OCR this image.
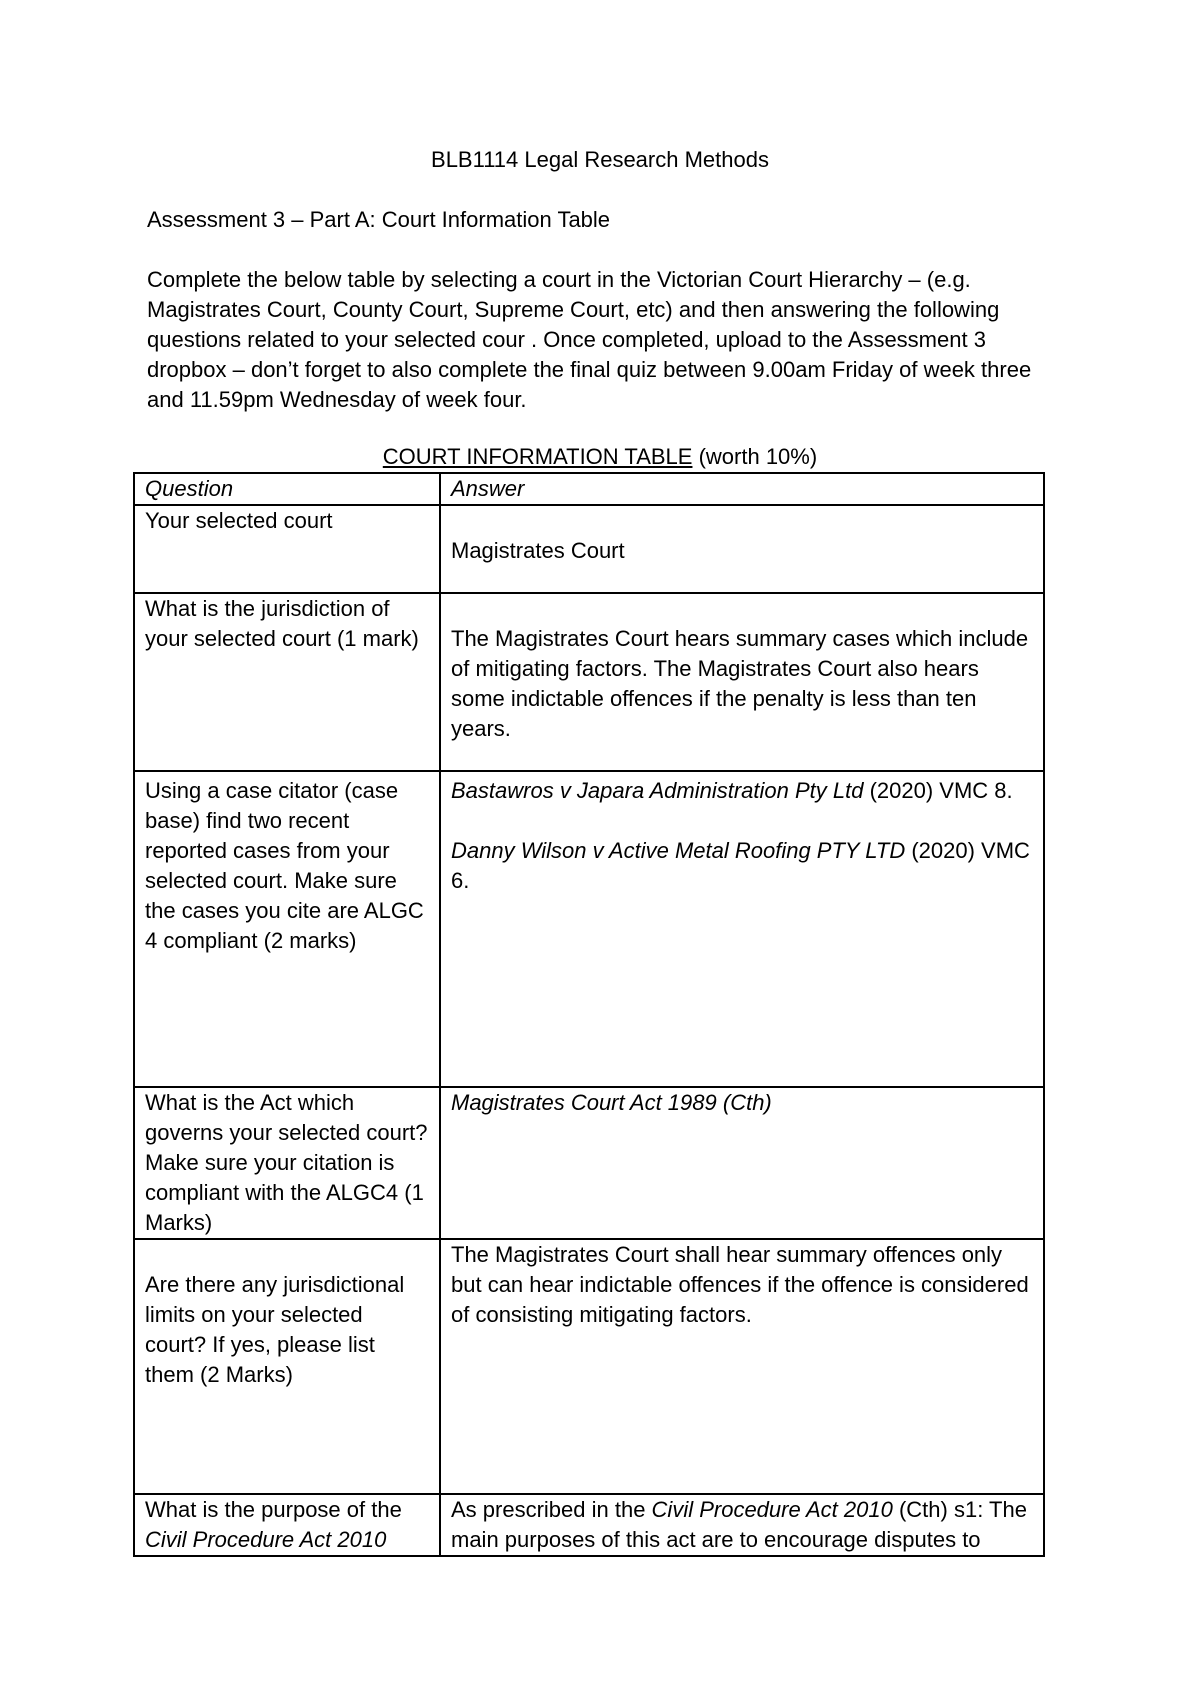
BLB1114 Legal Research Methods
Assessment 3 – Part A: Court Information Table
Complete the below table by selecting a court in the Victorian Court Hierarchy – (e.g. Magistrates Court, County Court, Supreme Court, etc) and then answering the following questions related to your selected cour . Once completed, upload to the Assessment 3 dropbox – don’t forget to also complete the final quiz between 9.00am Friday of week three and 11.59pm Wednesday of week four.
COURT INFORMATION TABLE (worth 10%)
Question	Answer
Your selected court	Magistrates Court

What is the jurisdiction of your selected court (1 mark)	The Magistrates Court hears summary cases which include of mitigating factors. The Magistrates Court also hears some indictable offences if the penalty is less than ten years.

Using a case citator (case base) find two recent reported cases from your selected court. Make sure the cases you cite are ALGC 4 compliant (2 marks)	Bastawros v Japara Administration Pty Ltd (2020) VMC 8.
Danny Wilson v Active Metal Roofing PTY LTD (2020) VMC 6.

What is the Act which governs your selected court? Make sure your citation is compliant with the ALGC4 (1 Marks)	Magistrates Court Act 1989 (Cth)

Are there any jurisdictional limits on your selected court? If yes, please list them (2 Marks)	The Magistrates Court shall hear summary offences only but can hear indictable offences if the offence is considered of consisting mitigating factors.
What is the purpose of the Civil Procedure Act 2010	As prescribed in the Civil Procedure Act 2010 (Cth) s1: The main purposes of this act are to encourage disputes to
